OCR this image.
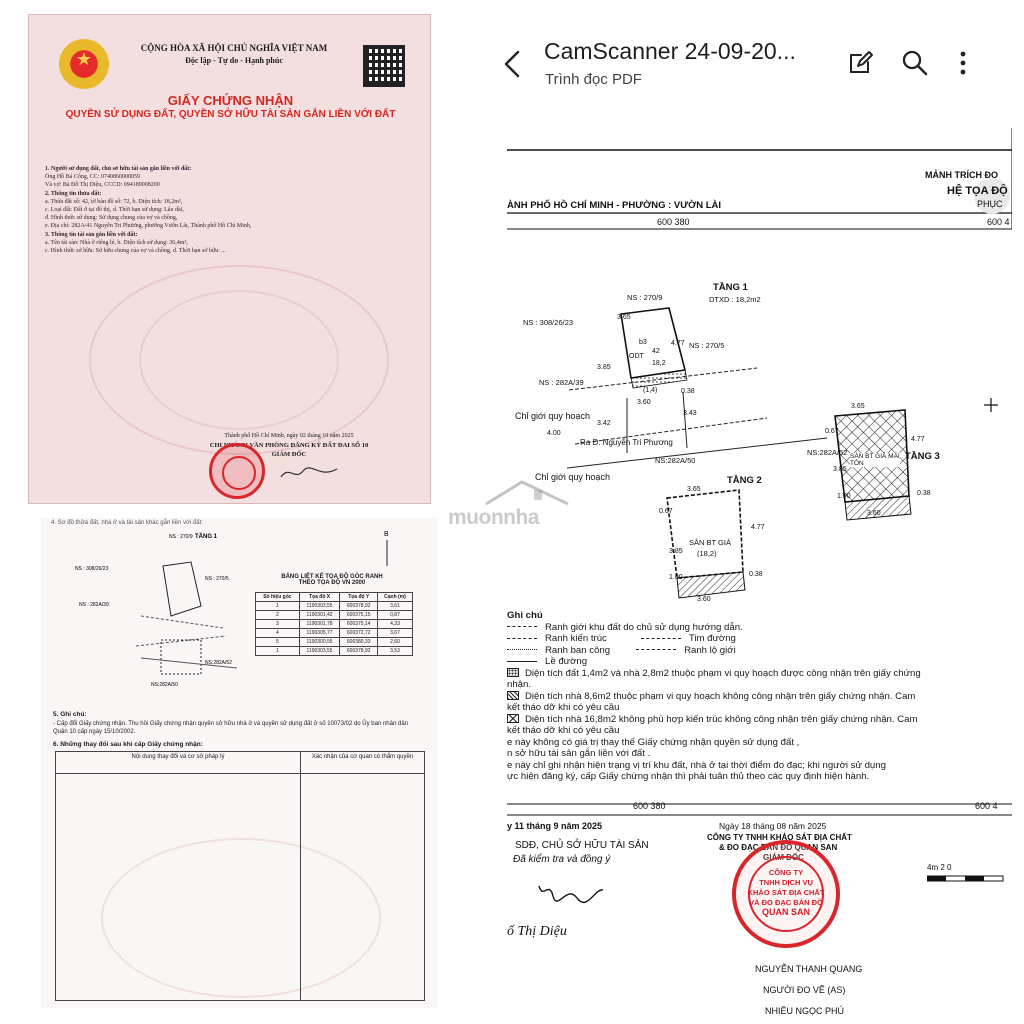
★
CỘNG HÒA XÃ HỘI CHỦ NGHĨA VIỆT NAM
Độc lập - Tự do - Hạnh phúc
GIẤY CHỨNG NHẬN
QUYỀN SỬ DỤNG ĐẤT, QUYỀN SỞ HỮU TÀI SẢN GẮN LIỀN VỚI ĐẤT
1. Người sử dụng đất, chủ sở hữu tài sản gắn liền với đất:
Ông Hồ Bá Công, CC: 0740860000059
Và vợ: Bà Đỗ Thị Diệu, CCCD: 094189008200
2. Thông tin thửa đất:
a. Thửa đất số: 42, tờ bản đồ số: 72, b. Diện tích: 18,2m²,
c. Loại đất: Đất ở tại đô thị, d. Thời hạn sử dụng: Lâu dài,
đ. Hình thức sử dụng: Sử dụng chung của vợ và chồng,
e. Địa chỉ: 282A/41 Nguyễn Tri Phương, phường Vườn Lài, Thành phố Hồ Chí Minh,
3. Thông tin tài sản gắn liền với đất:
a. Tên tài sản: Nhà ở riêng lẻ, b. Diện tích sử dụng: 36,4m²,
c. Hình thức sở hữu: Sở hữu chung của vợ và chồng, d. Thời hạn sở hữu: ...
Thành phố Hồ Chí Minh, ngày 02 tháng 10 năm 2025
CHI NHÁNH VĂN PHÒNG ĐĂNG KÝ ĐẤT ĐAI SỐ 10
GIÁM ĐỐC
4. Sơ đồ thửa đất, nhà ở và tài sản khác gắn liền với đất:
B
NS : 270/9
NS : 308/26/23
NS : 270/5
NS : 282A/39
NS:282A/52
NS:282A/50
TẦNG 1
BẢNG LIỆT KÊ TỌA ĐỘ GÓC RANH
THEO TỌA ĐỘ VN 2000
Số hiệu góc	Tọa độ X	Tọa độ Y	Cạnh (m)
1	1190303,55	600378,92	3,61
2	1190301,42	600375,15	0,87
3	1190301,78	600375,14	4,33
4	1190305,77	600372,72	3,67
5	1190300,55	600380,33	2,60
1	1190303,55	600378,92	3,53
5. Ghi chú:
- Cấp đổi Giấy chứng nhận. Thu hồi Giấy chứng nhận quyền sở hữu nhà ở và quyền sử dụng đất ở số 10073/02 do Ủy ban nhân dân Quận 10 cấp ngày 15/10/2002.
6. Những thay đổi sau khi cấp Giấy chứng nhận:
Nội dung thay đổi và cơ sở pháp lý	Xác nhận của cơ quan có thẩm quyền

CamScanner 24-09-20...
Trình đọc PDF
MẢNH TRÍCH ĐO
HỆ TỌA ĐỘ
PHỤC
ÀNH PHỐ HỒ CHÍ MINH - PHƯỜNG : VƯỜN LÀI
600 380	600 4
TẦNG 1
DTXD : 18,2m2
NS : 270/9
NS : 308/26/23
NS : 270/5
NS : 282A/39
b3
ODT
42
18,2
(1,4)
Chỉ giới quy hoạch
Ra Đ. Nguyễn Tri Phương
NS:282A/50
NS:282A/52
Chỉ giới quy hoạch	TẦNG 2
SÂN BT GIẢ
(18,2)
TẦNG 3
SÀN BT GIẢ MÁI TÔN
3.65
3.60
4.77
3.85
3.42
4.00
3.43
0.38
3.65
3.60
4.77
0.67
3.85
0.38
1.00
3.65
3.60
4.77
0.67
3.85
0.38
1.00
Ghi chú
Ranh giới khu đất do chủ sử dụng hướng dẫn.
Ranh kiến trúc	Tim đường
Ranh ban công	Ranh lộ giới
Lề đường
Diện tích đất 1,4m2 và nhà 2,8m2 thuộc phạm vi quy hoạch được công nhận trên giấy chứng nhận.
Diện tích nhà 8,6m2 thuộc phạm vi quy hoạch không công nhận trên giấy chứng nhận. Cam kết tháo dỡ khi có yêu cầu
Diện tích nhà 16,8m2 không phù hợp kiến trúc không công nhận trên giấy chứng nhận. Cam kết tháo dỡ khi có yêu cầu
e này không có giá trị thay thế Giấy chứng nhận quyền sử dụng đất ,
n sở hữu tài sản gắn liền với đất .
e này chỉ ghi nhận hiện trạng vị trí khu đất, nhà ở tại thời điểm đo đạc; khi người sử dụng
ực hiện đăng ký, cấp Giấy chứng nhận thì phải tuân thủ theo các quy định hiện hành.
600 380	600 4
y 11 tháng 9 năm 2025	Ngày 18 tháng 08 năm 2025
CÔNG TY TNHH KHẢO SÁT ĐỊA CHẤT
& ĐO ĐẠC BẢN ĐỒ QUAN SAN
GIÁM ĐỐC
SDĐ, CHỦ SỞ HỮU TÀI SẢN
Đã kiểm tra và đồng ý
ố Thị Diệu
CÔNG TY
TNHH DỊCH VỤ
KHẢO SÁT ĐỊA CHẤT
VÀ ĐO ĐẠC BẢN ĐỒ
QUAN SAN
4m 2 0
NGUYỄN THANH QUANG
NGƯỜI ĐO VẼ (AS)
NHIÊU NGỌC PHÚ
muonnha
